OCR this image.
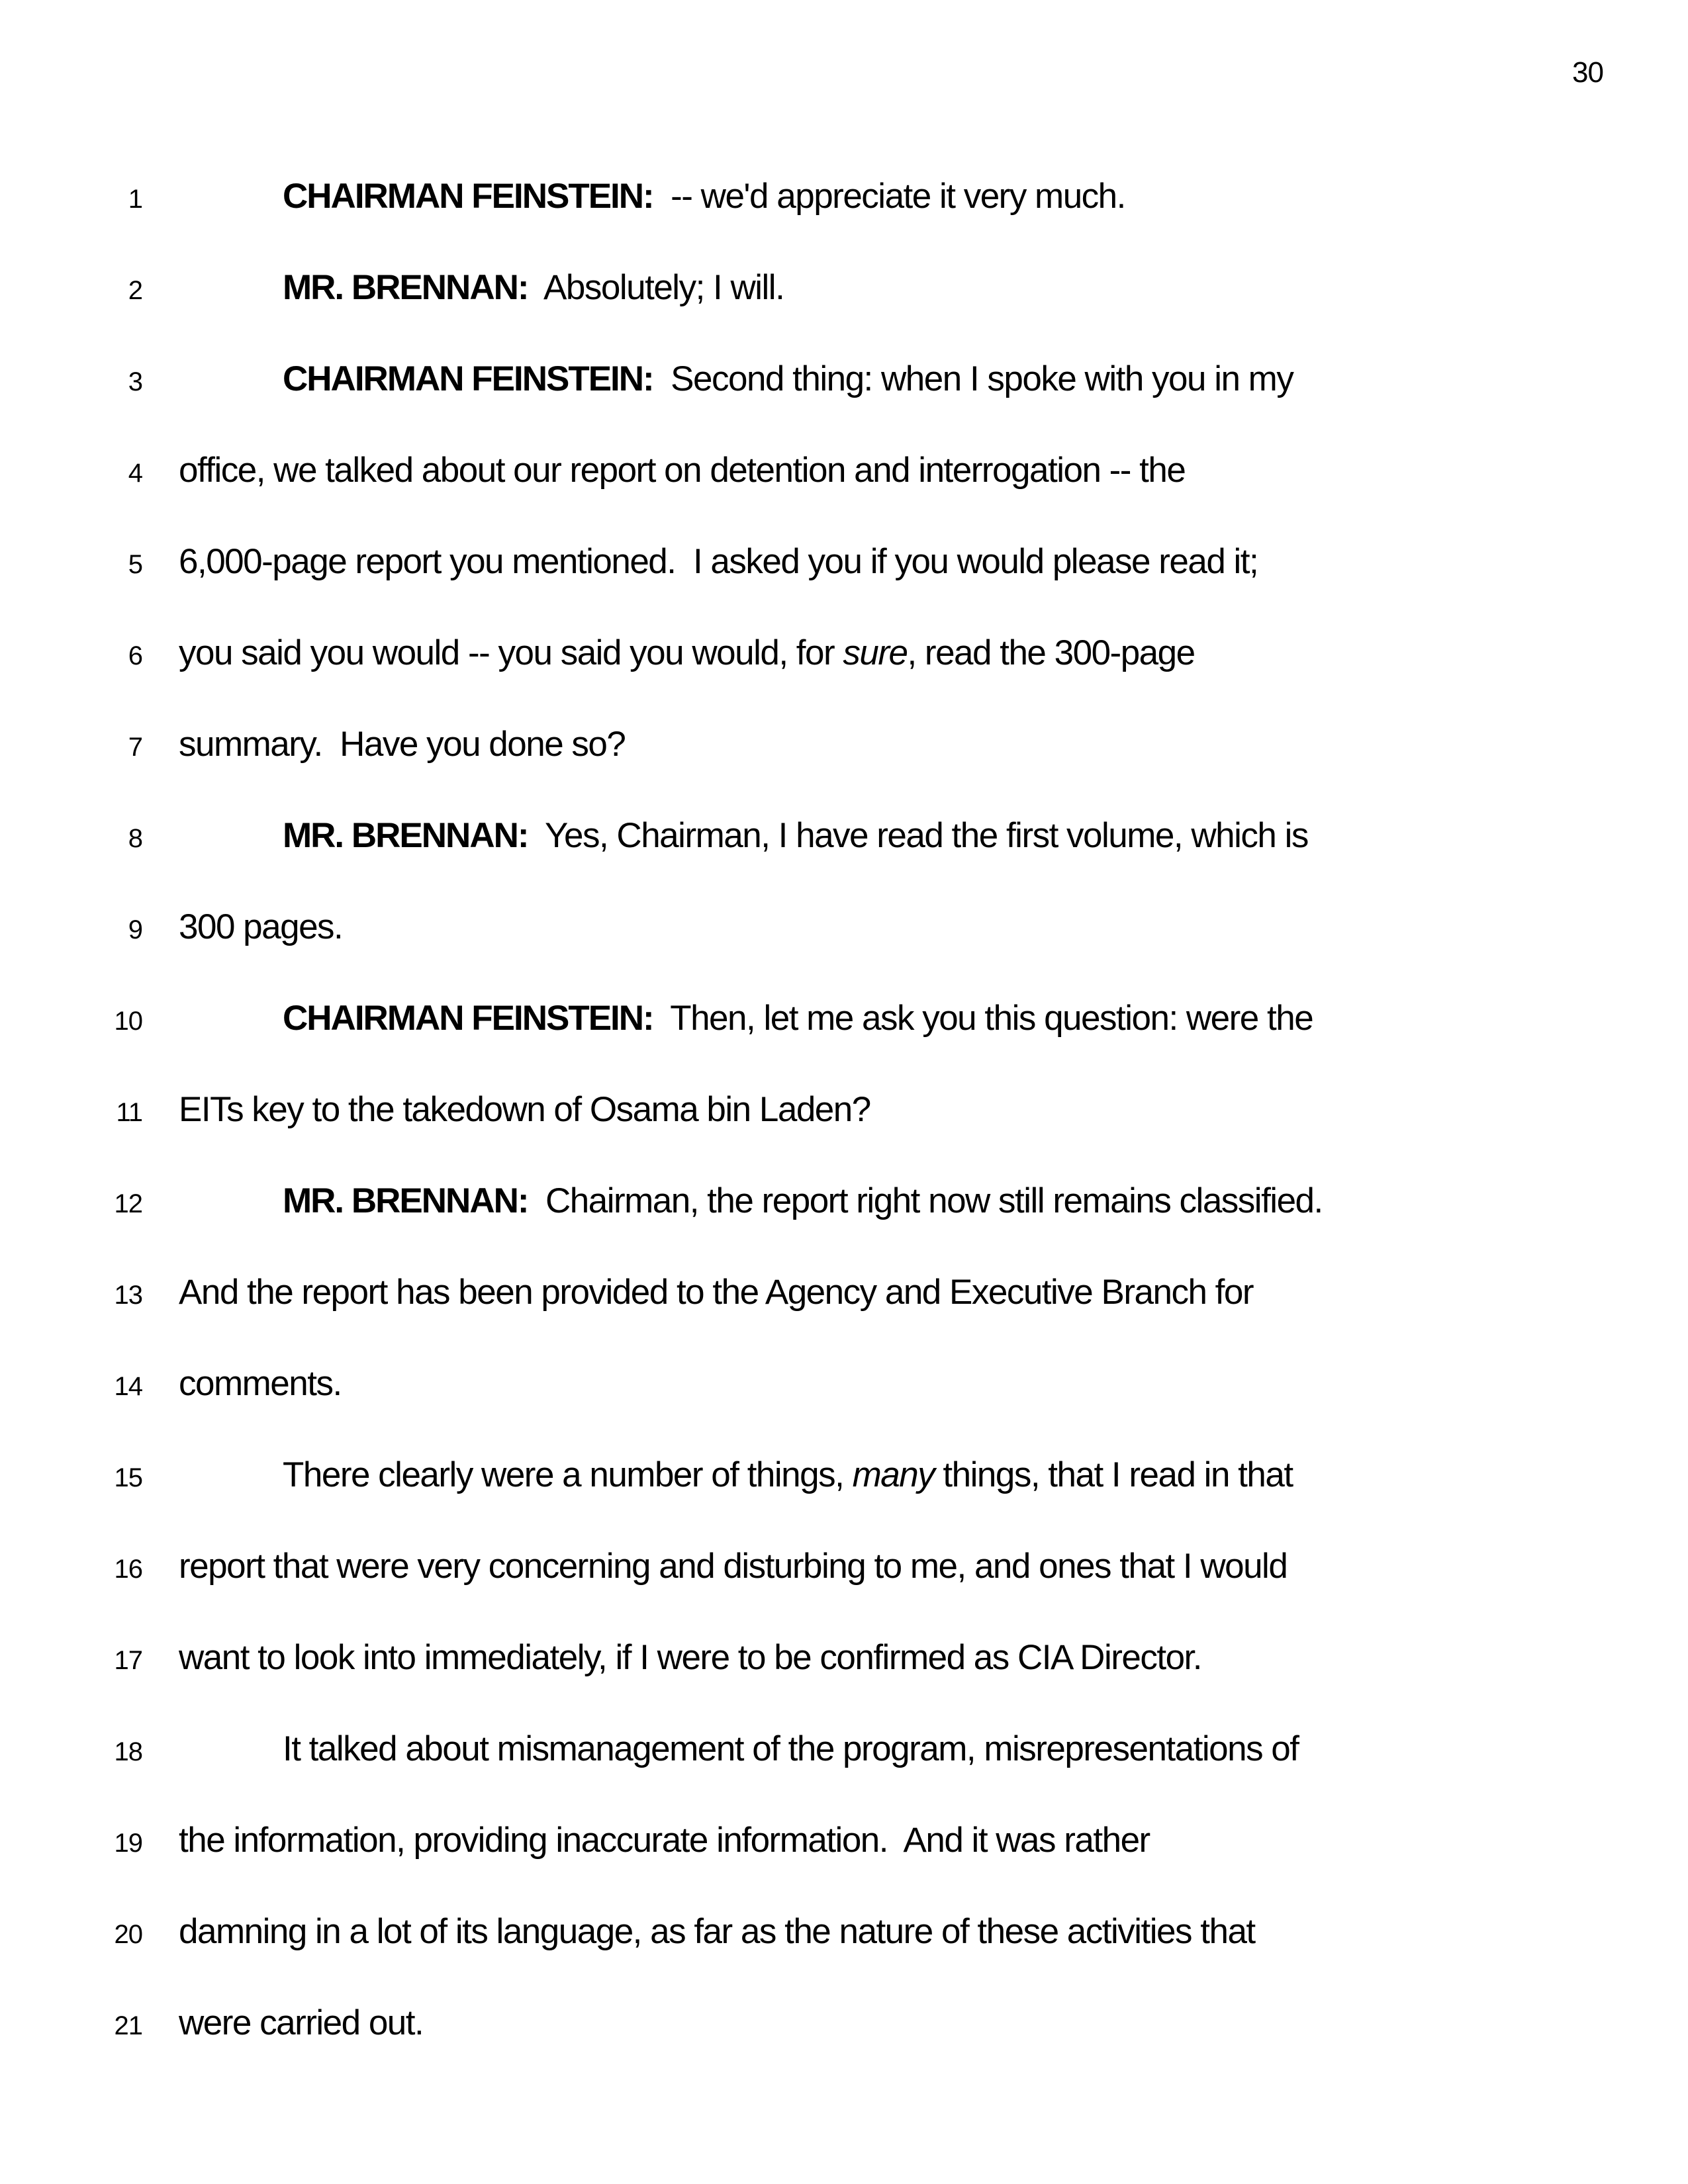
30
1	CHAIRMAN FEINSTEIN:  -- we'd appreciate it very much.
2	MR. BRENNAN:  Absolutely; I will.
3	CHAIRMAN FEINSTEIN:  Second thing: when I spoke with you in my
4	office, we talked about our report on detention and interrogation -- the
5	6,000-page report you mentioned.  I asked you if you would please read it;
6	you said you would -- you said you would, for sure, read the 300-page
7	summary.  Have you done so?
8	MR. BRENNAN:  Yes, Chairman, I have read the first volume, which is
9	300 pages.
10	CHAIRMAN FEINSTEIN:  Then, let me ask you this question: were the
11	EITs key to the takedown of Osama bin Laden?
12	MR. BRENNAN:  Chairman, the report right now still remains classified.
13	And the report has been provided to the Agency and Executive Branch for
14	comments.
15	There clearly were a number of things, many things, that I read in that
16	report that were very concerning and disturbing to me, and ones that I would
17	want to look into immediately, if I were to be confirmed as CIA Director.
18	It talked about mismanagement of the program, misrepresentations of
19	the information, providing inaccurate information.  And it was rather
20	damning in a lot of its language, as far as the nature of these activities that
21	were carried out.
